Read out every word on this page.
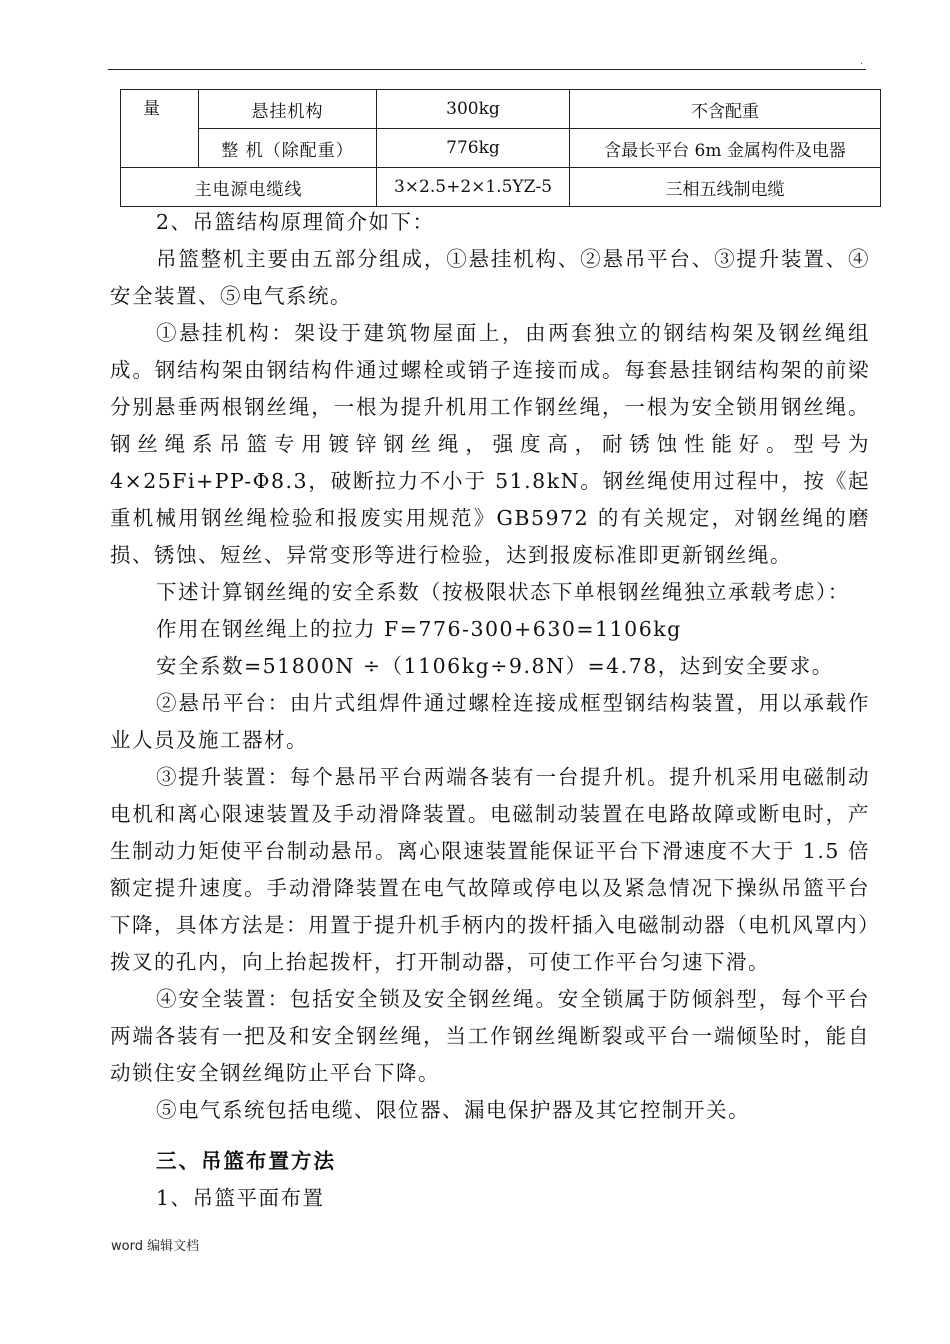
.
量	悬挂机构	300kg	不含配重
	整 机（除配重）	776kg	含最长平台 6m 金属构件及电器
主电源电缆线		3×2.5+2×1.5YZ-5	三相五线制电缆

2、吊篮结构原理简介如下：

吊篮整机主要由五部分组成，①悬挂机构、②悬吊平台、③提升装置、④安全装置、⑤电气系统。

①悬挂机构：架设于建筑物屋面上，由两套独立的钢结构架及钢丝绳组成。钢结构架由钢结构件通过螺栓或销子连接而成。每套悬挂钢结构架的前梁分别悬垂两根钢丝绳，一根为提升机用工作钢丝绳，一根为安全锁用钢丝绳。钢丝绳系吊篮专用镀锌钢丝绳，强度高，耐锈蚀性能好。型号为 4×25Fi+PP-Φ8.3，破断拉力不小于 51.8kN。钢丝绳使用过程中，按《起重机械用钢丝绳检验和报废实用规范》GB5972 的有关规定，对钢丝绳的磨损、锈蚀、短丝、异常变形等进行检验，达到报废标准即更新钢丝绳。

下述计算钢丝绳的安全系数（按极限状态下单根钢丝绳独立承载考虑）：

作用在钢丝绳上的拉力 F=776-300+630=1106kg

安全系数=51800N ÷（1106kg÷9.8N）=4.78，达到安全要求。

②悬吊平台：由片式组焊件通过螺栓连接成框型钢结构装置，用以承载作业人员及施工器材。

③提升装置：每个悬吊平台两端各装有一台提升机。提升机采用电磁制动电机和离心限速装置及手动滑降装置。电磁制动装置在电路故障或断电时，产生制动力矩使平台制动悬吊。离心限速装置能保证平台下滑速度不大于 1.5 倍额定提升速度。手动滑降装置在电气故障或停电以及紧急情况下操纵吊篮平台下降，具体方法是：用置于提升机手柄内的拨杆插入电磁制动器（电机风罩内）拨叉的孔内，向上抬起拨杆，打开制动器，可使工作平台匀速下滑。

④安全装置：包括安全锁及安全钢丝绳。安全锁属于防倾斜型，每个平台两端各装有一把及和安全钢丝绳，当工作钢丝绳断裂或平台一端倾坠时，能自动锁住安全钢丝绳防止平台下降。

⑤电气系统包括电缆、限位器、漏电保护器及其它控制开关。

三、吊篮布置方法

1、吊篮平面布置

word 编辑文档
